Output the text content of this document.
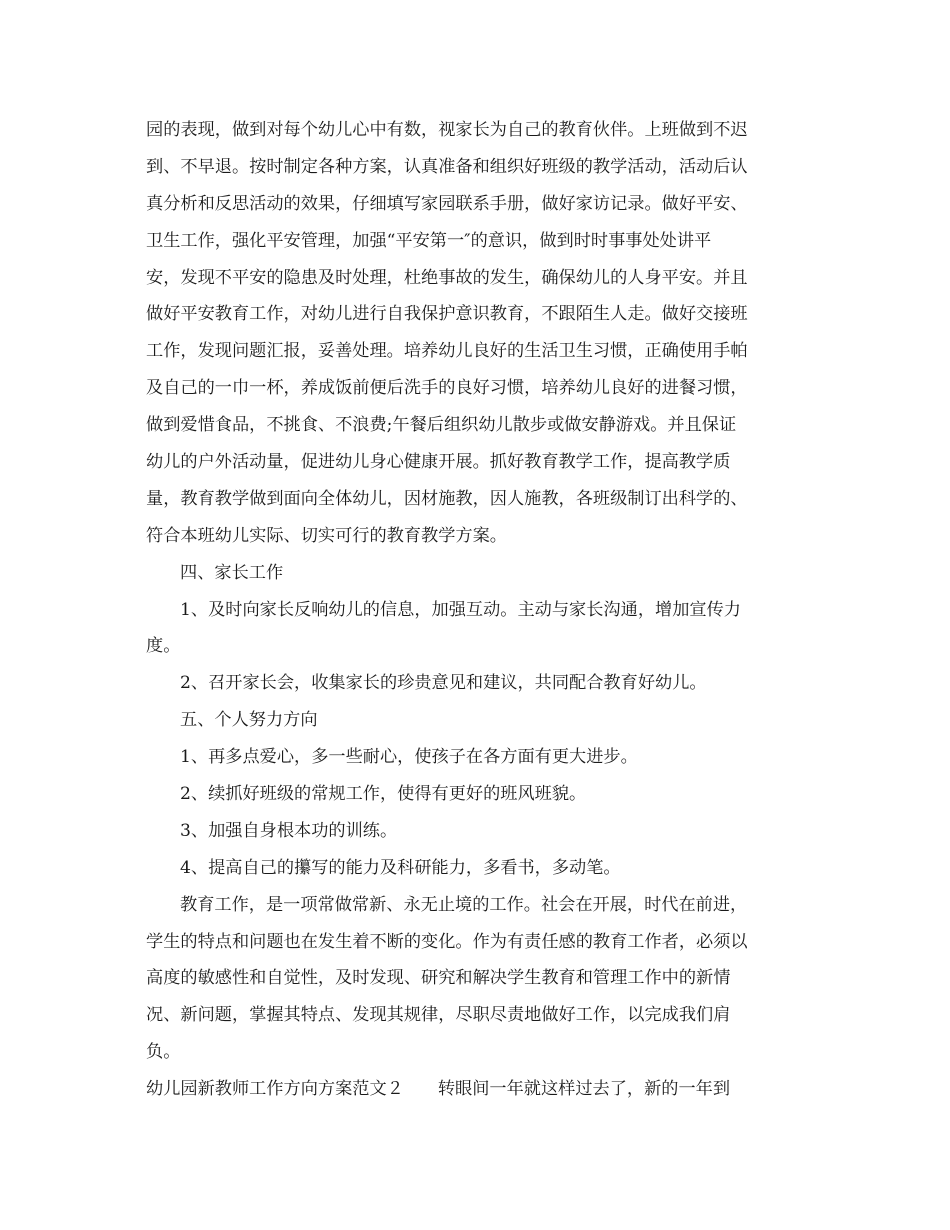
园的表现，做到对每个幼儿心中有数，视家长为自己的教育伙伴。上班做到不迟
到、不早退。按时制定各种方案，认真准备和组织好班级的教学活动，活动后认
真分析和反思活动的效果，仔细填写家园联系手册，做好家访记录。做好平安、
卫生工作，强化平安管理，加强“平安第一″的意识，做到时时事事处处讲平
安，发现不平安的隐患及时处理，杜绝事故的发生，确保幼儿的人身平安。并且
做好平安教育工作，对幼儿进行自我保护意识教育，不跟陌生人走。做好交接班
工作，发现问题汇报，妥善处理。培养幼儿良好的生活卫生习惯，正确使用手帕
及自己的一巾一杯，养成饭前便后洗手的良好习惯，培养幼儿良好的进餐习惯，
做到爱惜食品，不挑食、不浪费;午餐后组织幼儿散步或做安静游戏。并且保证
幼儿的户外活动量，促进幼儿身心健康开展。抓好教育教学工作，提高教学质
量，教育教学做到面向全体幼儿，因材施教，因人施教，各班级制订出科学的、
符合本班幼儿实际、切实可行的教育教学方案。
四、家长工作
1、及时向家长反响幼儿的信息，加强互动。主动与家长沟通，增加宣传力
度。
2、召开家长会，收集家长的珍贵意见和建议，共同配合教育好幼儿。
五、个人努力方向
1、再多点爱心，多一些耐心，使孩子在各方面有更大进步。
2、续抓好班级的常规工作，使得有更好的班风班貌。
3、加强自身根本功的训练。
4、提高自己的攥写的能力及科研能力，多看书，多动笔。
教育工作，是一项常做常新、永无止境的工作。社会在开展，时代在前进，
学生的特点和问题也在发生着不断的变化。作为有责任感的教育工作者，必须以
高度的敏感性和自觉性，及时发现、研究和解决学生教育和管理工作中的新情
况、新问题，掌握其特点、发现其规律，尽职尽责地做好工作，以完成我们肩
负。
幼儿园新教师工作方向方案范文２ 转眼间一年就这样过去了，新的一年到
